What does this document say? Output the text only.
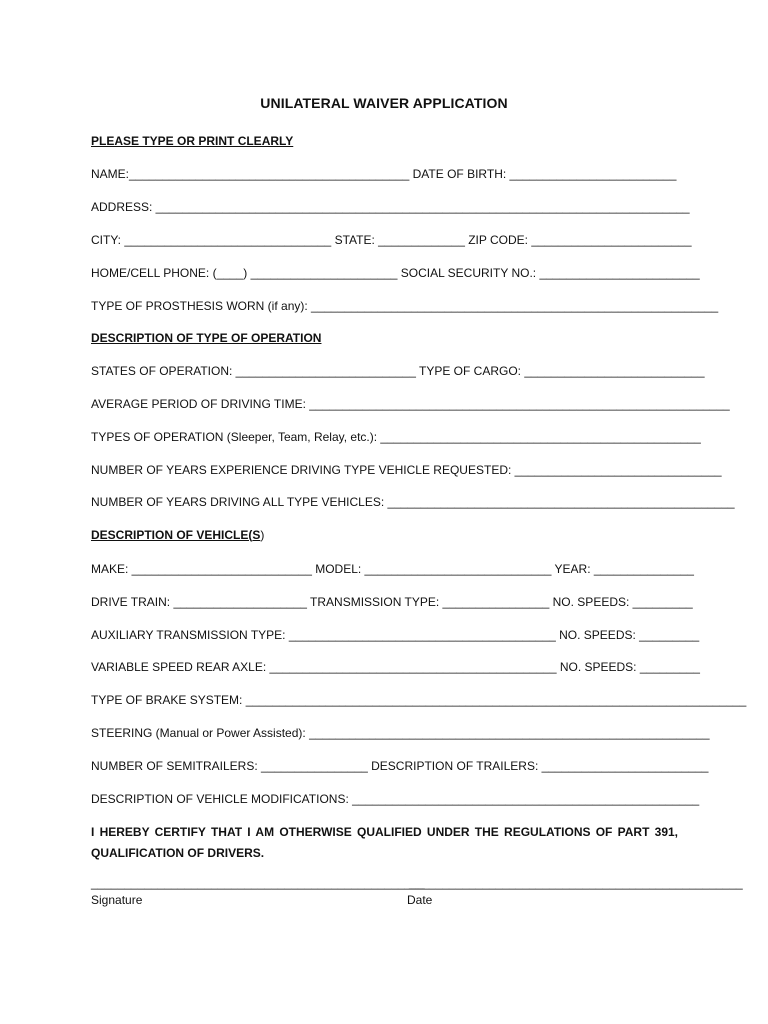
UNILATERAL WAIVER APPLICATION
PLEASE TYPE OR PRINT CLEARLY
NAME:__________________________________________ DATE OF BIRTH: _________________________
ADDRESS: ________________________________________________________________________________
CITY: _______________________________ STATE: _____________ ZIP CODE: ________________________
HOME/CELL PHONE: (____) ______________________ SOCIAL SECURITY NO.: ________________________
TYPE OF PROSTHESIS WORN (if any): _____________________________________________________________
DESCRIPTION OF TYPE OF OPERATION
STATES OF OPERATION: ___________________________ TYPE OF CARGO: ___________________________
AVERAGE PERIOD OF DRIVING TIME: _______________________________________________________________
TYPES OF OPERATION (Sleeper, Team, Relay, etc.): ________________________________________________
NUMBER OF YEARS EXPERIENCE DRIVING TYPE VEHICLE REQUESTED: _______________________________
NUMBER OF YEARS DRIVING ALL TYPE VEHICLES: ____________________________________________________
DESCRIPTION OF VEHICLE(S)
MAKE: ___________________________ MODEL: ____________________________ YEAR: _______________
DRIVE TRAIN: ____________________ TRANSMISSION TYPE: ________________ NO. SPEEDS: _________
AUXILIARY TRANSMISSION TYPE: ________________________________________ NO. SPEEDS: _________
VARIABLE SPEED REAR AXLE: ___________________________________________ NO. SPEEDS: _________
TYPE OF BRAKE SYSTEM: ___________________________________________________________________________
STEERING (Manual or Power Assisted): ____________________________________________________________
NUMBER OF SEMITRAILERS: ________________ DESCRIPTION OF TRAILERS: _________________________
DESCRIPTION OF VEHICLE MODIFICATIONS: ____________________________________________________
I HEREBY CERTIFY THAT I AM OTHERWISE QUALIFIED UNDER THE REGULATIONS OF PART 391, QUALIFICATION OF DRIVERS.
__________________________________________________
__________________________________________________
Signature	Date
